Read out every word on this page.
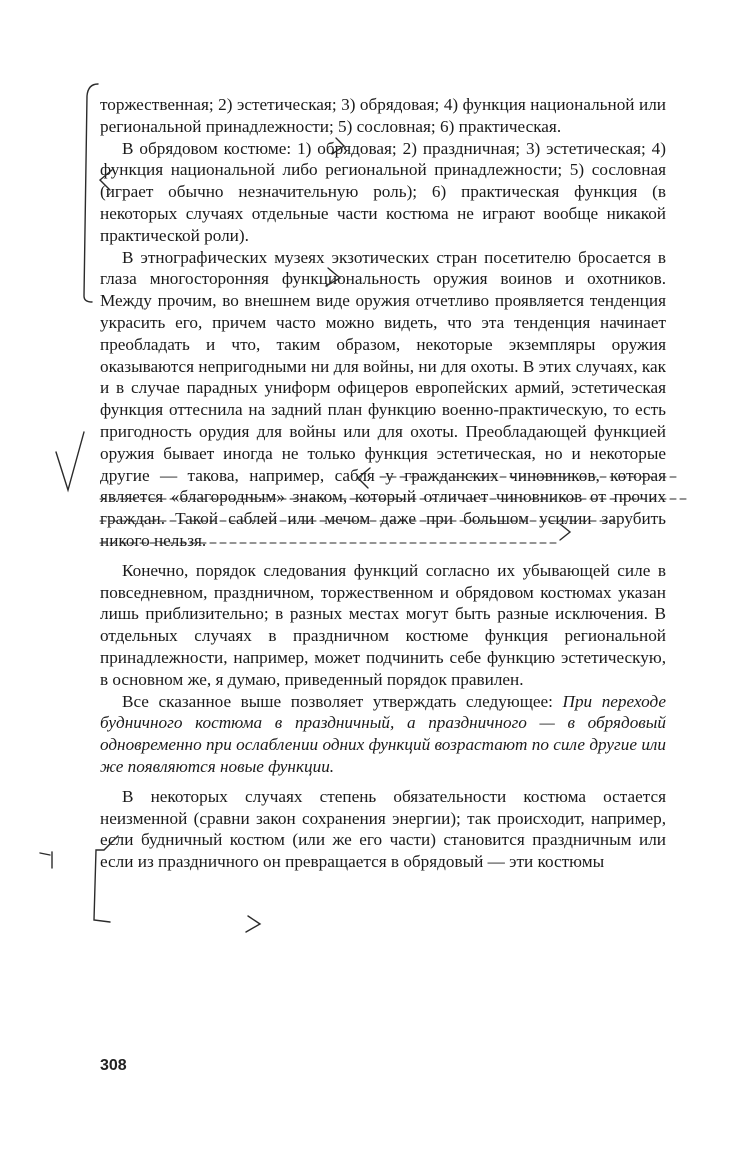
торжественная; 2) эстетическая; 3) обрядовая; 4) функция национальной или региональной принадлежности; 5) сословная; 6) практическая.

В обрядовом костюме: 1) обрядовая; 2) праздничная; 3) эстетическая; 4) функция национальной либо региональной принадлежности; 5) сословная (играет обычно незначительную роль); 6) практическая функция (в некоторых случаях отдельные части костюма не играют вообще никакой практической роли).

В этнографических музеях экзотических стран посетителю бросается в глаза многосторонняя функциональность оружия воинов и охотников. Между прочим, во внешнем виде оружия отчетливо проявляется тенденция украсить его, причем часто можно видеть, что эта тенденция начинает преобладать и что, таким образом, некоторые экземпляры оружия оказываются непригодными ни для войны, ни для охоты. В этих случаях, как и в случае парадных униформ офицеров европейских армий, эстетическая функция оттеснила на задний план функцию военно-практическую, то есть пригодность орудия для войны или для охоты. Преобладающей функцией оружия бывает иногда не только функция эстетическая, но и некоторые другие — такова, например, сабля у гражданских чиновников, которая является «благородным» знаком, который отличает чиновников от прочих граждан. Такой саблей или мечом даже при большом усилии зарубить никого нельзя.

Конечно, порядок следования функций согласно их убывающей силе в повседневном, праздничном, торжественном и обрядовом костюмах указан лишь приблизительно; в разных местах могут быть разные исключения. В отдельных случаях в праздничном костюме функция региональной принадлежности, например, может подчинить себе функцию эстетическую, в основном же, я думаю, приведенный порядок правилен.

Все сказанное выше позволяет утверждать следующее: При переходе будничного костюма в праздничный, а праздничного — в обрядовый одновременно при ослаблении одних функций возрастают по силе другие или же появляются новые функции.

В некоторых случаях степень обязательности костюма остается неизменной (сравни закон сохранения энергии); так происходит, например, если будничный костюм (или же его части) становится праздничным или если из праздничного он превращается в обрядовый — эти костюмы

308
